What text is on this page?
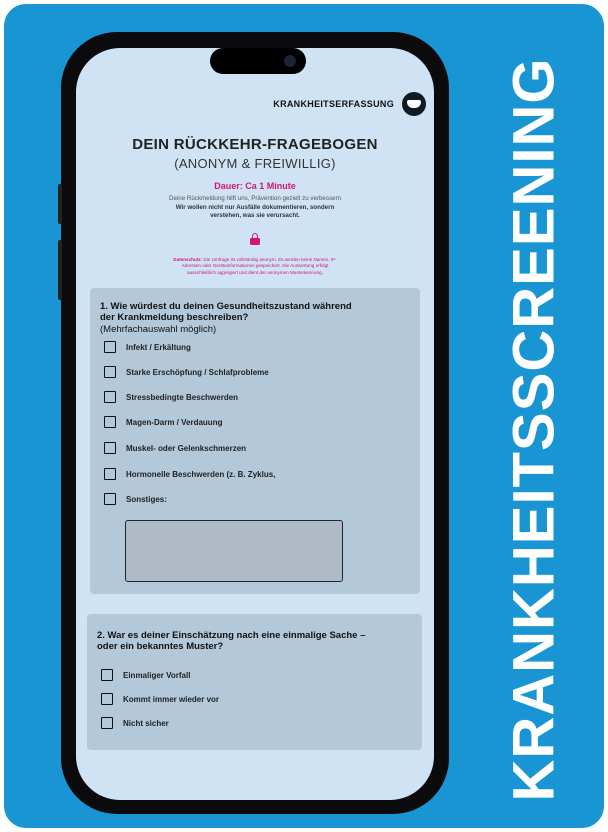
KRANKHEITSSCREENING
KRANKHEITSERFASSUNG
DEIN RÜCKKEHR-FRAGEBOGEN
(ANONYM & FREIWILLIG)
Dauer: Ca 1 Minute
Deine Rückmeldung hilft uns, Prävention gezielt zu verbessern
Wir wollen nicht nur Ausfälle dokumentieren, sondern verstehen, was sie verursacht.
Datenschutz: Die Umfrage ist vollständig anonym. Es werden keine Namen, IP-Adressen oder Geräteinformationen gespeichert. Die Auswertung erfolgt ausschließlich aggregiert und dient der anonymen Musterkennung.
1. Wie würdest du deinen Gesundheitszustand während der Krankmeldung beschreiben?
(Mehrfachauswahl möglich)
Infekt / Erkältung
Starke Erschöpfung / Schlafprobleme
Stressbedingte Beschwerden
Magen-Darm / Verdauung
Muskel- oder Gelenkschmerzen
Hormonelle Beschwerden (z. B. Zyklus,
Sonstiges:
2. War es deiner Einschätzung nach eine einmalige Sache – oder ein bekanntes Muster?
Einmaliger Vorfall
Kommt immer wieder vor
Nicht sicher
